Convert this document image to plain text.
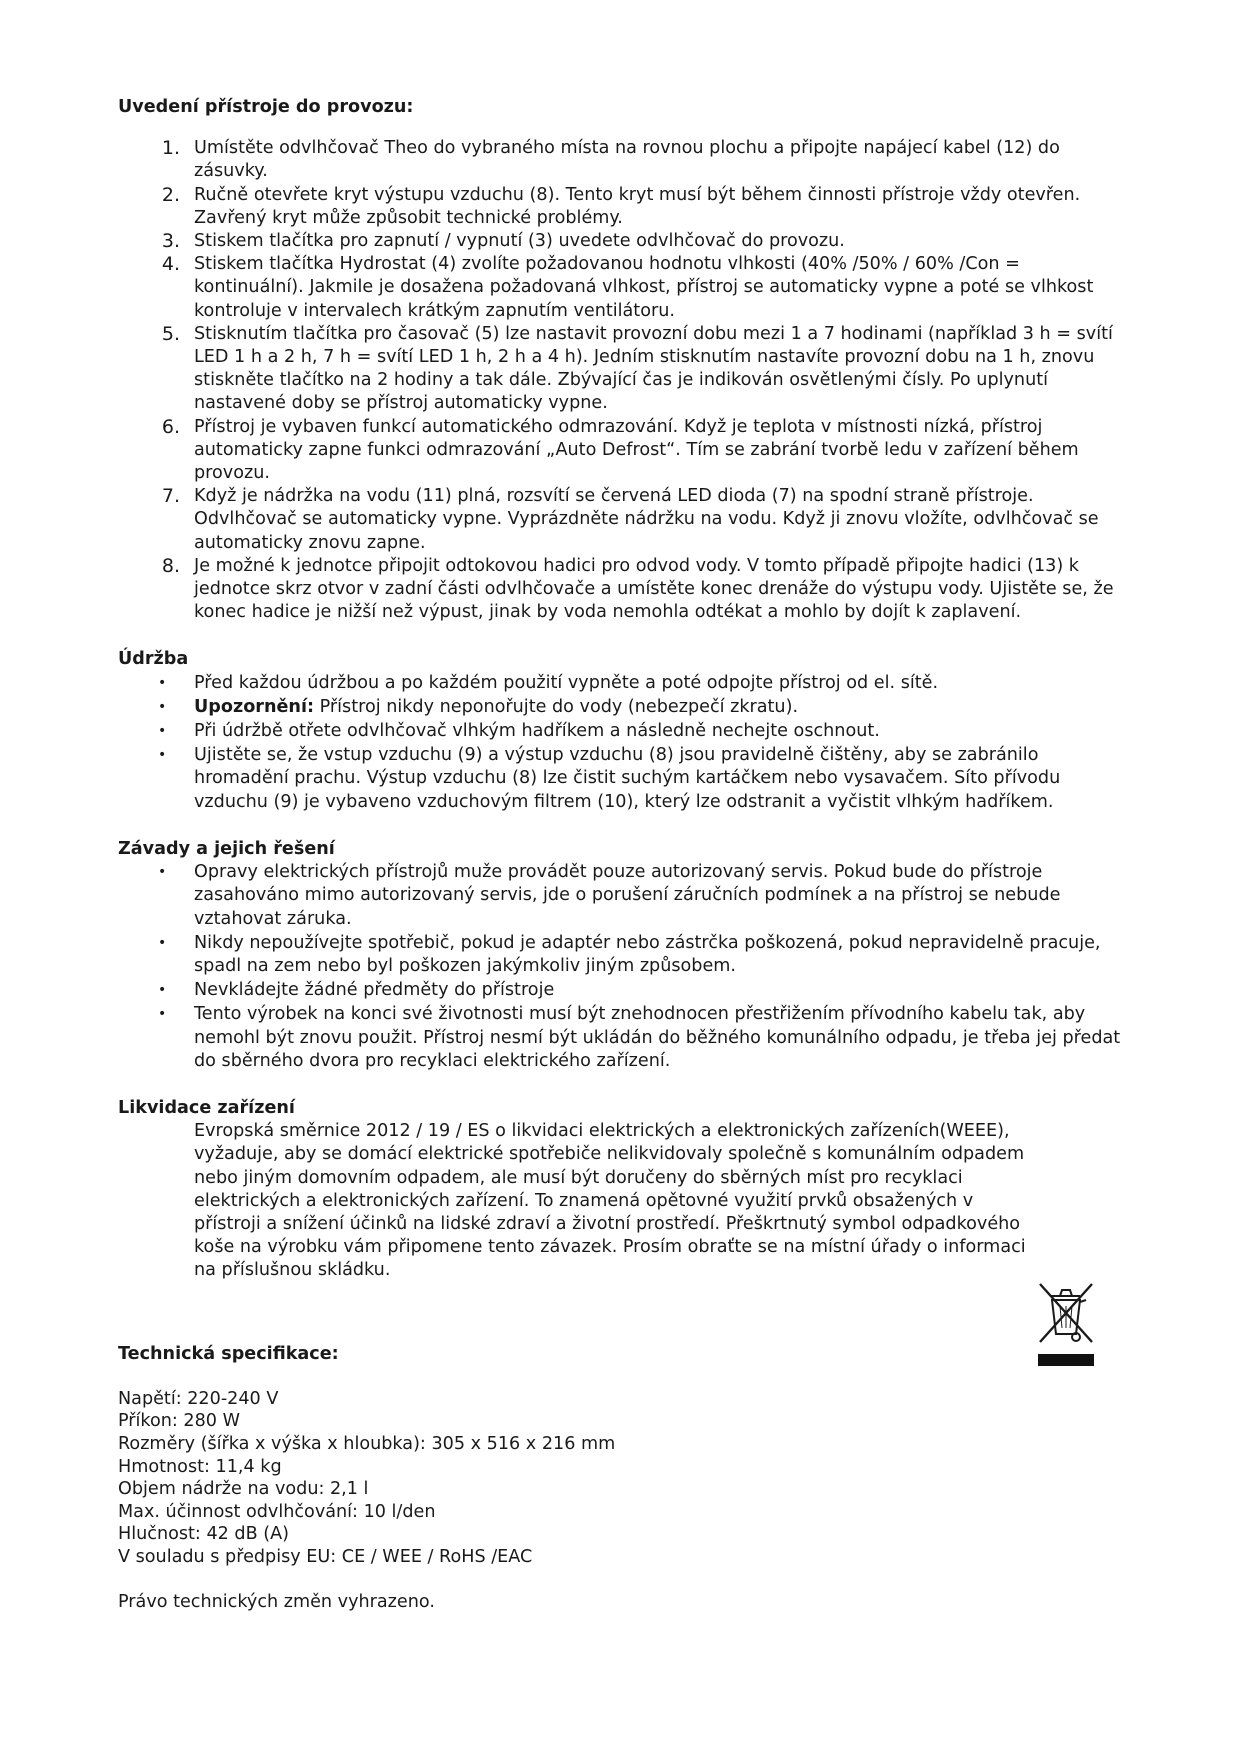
Uvedení přístroje do provozu:
1. Umístěte odvlhčovač Theo do vybraného místa na rovnou plochu a připojte napájecí kabel (12) do zásuvky.
2. Ručně otevřete kryt výstupu vzduchu (8). Tento kryt musí být během činnosti přístroje vždy otevřen. Zavřený kryt může způsobit technické problémy.
3. Stiskem tlačítka pro zapnutí / vypnutí (3) uvedete odvlhčovač do provozu.
4. Stiskem tlačítka Hydrostat (4) zvolíte požadovanou hodnotu vlhkosti (40% /50% / 60% /Con = kontinuální). Jakmile je dosažena požadovaná vlhkost, přístroj se automaticky vypne a poté se vlhkost kontroluje v intervalech krátkým zapnutím ventilátoru.
5. Stisknutím tlačítka pro časovač (5) lze nastavit provozní dobu mezi 1 a 7 hodinami (například 3 h = svítí LED 1 h a 2 h, 7 h = svítí LED 1 h, 2 h a 4 h). Jedním stisknutím nastavíte provozní dobu na 1 h, znovu stiskněte tlačítko na 2 hodiny a tak dále. Zbývající čas je indikován osvětlenými čísly. Po uplynutí nastavené doby se přístroj automaticky vypne.
6. Přístroj je vybaven funkcí automatického odmrazování. Když je teplota v místnosti nízká, přístroj automaticky zapne funkci odmrazování „Auto Defrost“. Tím se zabrání tvorbě ledu v zařízení během provozu.
7. Když je nádržka na vodu (11) plná, rozsvítí se červená LED dioda (7) na spodní straně přístroje. Odvlhčovač se automaticky vypne. Vyprázdněte nádržku na vodu. Když ji znovu vložíte, odvlhčovač se automaticky znovu zapne.
8. Je možné k jednotce připojit odtokovou hadici pro odvod vody. V tomto případě připojte hadici (13) k jednotce skrz otvor v zadní části odvlhčovače a umístěte konec drenáže do výstupu vody. Ujistěte se, že konec hadice je nižší než výpust, jinak by voda nemohla odtékat a mohlo by dojít k zaplavení.
Údržba
• Před každou údržbou a po každém použití vypněte a poté odpojte přístroj od el. sítě.
• Upozornění: Přístroj nikdy neponořujte do vody (nebezpečí zkratu).
• Při údržbě otřete odvlhčovač vlhkým hadříkem a následně nechejte oschnout.
• Ujistěte se, že vstup vzduchu (9) a výstup vzduchu (8) jsou pravidelně čištěny, aby se zabránilo hromadění prachu. Výstup vzduchu (8) lze čistit suchým kartáčkem nebo vysavačem. Síto přívodu vzduchu (9) je vybaveno vzduchovým filtrem (10), který lze odstranit a vyčistit vlhkým hadříkem.
Závady a jejich řešení
• Opravy elektrických přístrojů muže provádět pouze autorizovaný servis. Pokud bude do přístroje zasahováno mimo autorizovaný servis, jde o porušení záručních podmínek a na přístroj se nebude vztahovat záruka.
• Nikdy nepoužívejte spotřebič, pokud je adaptér nebo zástrčka poškozená, pokud nepravidelně pracuje, spadl na zem nebo byl poškozen jakýmkoliv jiným způsobem.
• Nevkládejte žádné předměty do přístroje
• Tento výrobek na konci své životnosti musí být znehodnocen přestřižením přívodního kabelu tak, aby nemohl být znovu použit. Přístroj nesmí být ukládán do běžného komunálního odpadu, je třeba jej předat do sběrného dvora pro recyklaci elektrického zařízení.
Likvidace zařízení
Evropská směrnice 2012 / 19 / ES o likvidaci elektrických a elektronických zařízeních(WEEE), vyžaduje, aby se domácí elektrické spotřebiče nelikvidovaly společně s komunálním odpadem nebo jiným domovním odpadem, ale musí být doručeny do sběrných míst pro recyklaci elektrických a elektronických zařízení. To znamená opětovné využití prvků obsažených v přístroji a snížení účinků na lidské zdraví a životní prostředí. Přeškrtnutý symbol odpadkového koše na výrobku vám připomene tento závazek. Prosím obraťte se na místní úřady o informaci na příslušnou skládku.
Technická specifikace:
Napětí: 220-240 V
Příkon: 280 W
Rozměry (šířka x výška x hloubka): 305 x 516 x 216 mm
Hmotnost: 11,4 kg
Objem nádrže na vodu: 2,1 l
Max. účinnost odvlhčování: 10 l/den
Hlučnost: 42 dB (A)
V souladu s předpisy EU: CE / WEE / RoHS /EAC
Právo technických změn vyhrazeno.
